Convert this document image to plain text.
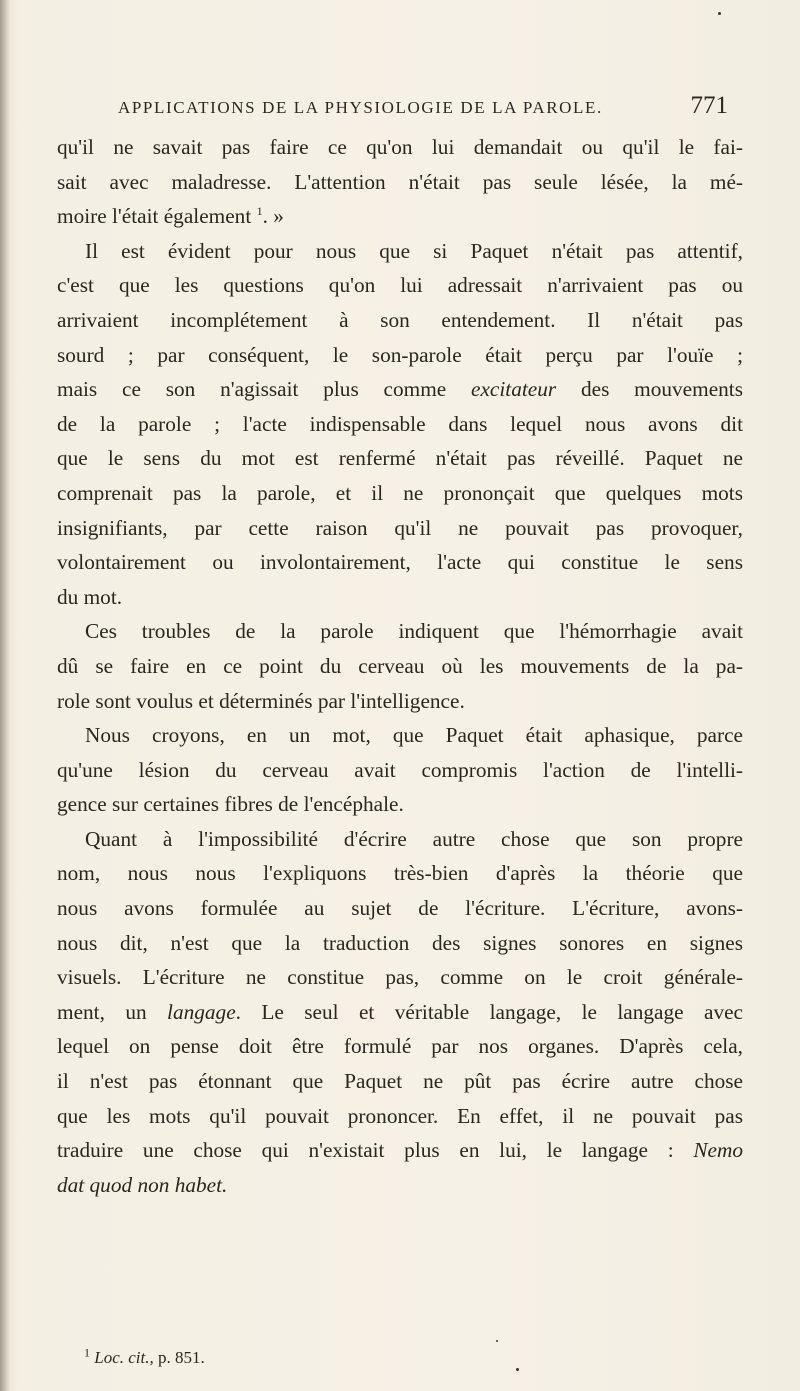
APPLICATIONS DE LA PHYSIOLOGIE DE LA PAROLE.	771

qu'il ne savait pas faire ce qu'on lui demandait ou qu'il le fai-
sait avec maladresse. L'attention n'était pas seule lésée, la mé-
moire l'était également $^1$. »

Il est évident pour nous que si Paquet n'était pas attentif,
c'est que les questions qu'on lui adressait n'arrivaient pas ou
arrivaient incomplétement à son entendement. Il n'était pas
sourd ; par conséquent, le son-parole était perçu par l'ouïe ;
mais ce son n'agissait plus comme excitateur des mouvements
de la parole ; l'acte indispensable dans lequel nous avons dit
que le sens du mot est renfermé n'était pas réveillé. Paquet ne
comprenait pas la parole, et il ne prononçait que quelques mots
insignifiants, par cette raison qu'il ne pouvait pas provoquer,
volontairement ou involontairement, l'acte qui constitue le sens
du mot.

Ces troubles de la parole indiquent que l'hémorrhagie avait
dû se faire en ce point du cerveau où les mouvements de la pa-
role sont voulus et déterminés par l'intelligence.

Nous croyons, en un mot, que Paquet était aphasique, parce
qu'une lésion du cerveau avait compromis l'action de l'intelli-
gence sur certaines fibres de l'encéphale.

Quant à l'impossibilité d'écrire autre chose que son propre
nom, nous nous l'expliquons très-bien d'après la théorie que
nous avons formulée au sujet de l'écriture. L'écriture, avons-
nous dit, n'est que la traduction des signes sonores en signes
visuels. L'écriture ne constitue pas, comme on le croit générale-
ment, un langage. Le seul et véritable langage, le langage avec
lequel on pense doit être formulé par nos organes. D'après cela,
il n'est pas étonnant que Paquet ne pût pas écrire autre chose
que les mots qu'il pouvait prononcer. En effet, il ne pouvait pas
traduire une chose qui n'existait plus en lui, le langage : Nemo
dat quod non habet.

$^1$ Loc. cit., p. 851.
